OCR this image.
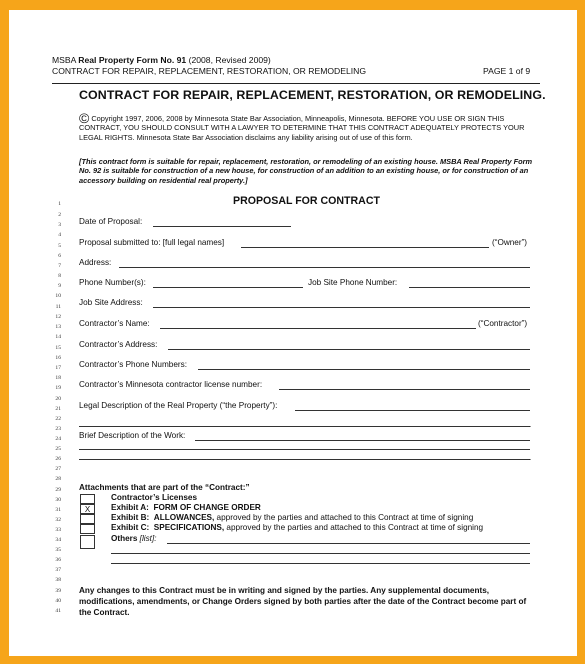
MSBA Real Property Form No. 91 (2008, Revised 2009)
CONTRACT FOR REPAIR, REPLACEMENT, RESTORATION, OR REMODELING	PAGE 1 of 9
CONTRACT FOR REPAIR, REPLACEMENT, RESTORATION, OR REMODELING.
© Copyright 1997, 2006, 2008 by Minnesota State Bar Association, Minneapolis, Minnesota. BEFORE YOU USE OR SIGN THIS CONTRACT, YOU SHOULD CONSULT WITH A LAWYER TO DETERMINE THAT THIS CONTRACT ADEQUATELY PROTECTS YOUR LEGAL RIGHTS. Minnesota State Bar Association disclaims any liability arising out of use of this form.
[This contract form is suitable for repair, replacement, restoration, or remodeling of an existing house. MSBA Real Property Form No. 92 is suitable for construction of a new house, for construction of an addition to an existing house, or for construction of an accessory building on residential real property.]
PROPOSAL FOR CONTRACT
1
2
3
4
5
6
7
8
9
10
11
12
13
14
15
16
17
18
19
20
21
22
23
24
25
26
27
28
29
30
31
32
33
34
35
36
37
38
39
40
41
Date of Proposal:
Proposal submitted to: [full legal names]	(“Owner”)
Address:
Phone Number(s):	Job Site Phone Number:
Job Site Address:
Contractor’s Name:	(“Contractor”)
Contractor’s Address:
Contractor’s Phone Numbers:
Contractor’s Minnesota contractor license number:
Legal Description of the Real Property (“the Property”):
.
Brief Description of the Work:
.
Attachments that are part of the “Contract:”
Contractor’s Licenses
X	Exhibit A: FORM OF CHANGE ORDER
Exhibit B: ALLOWANCES, approved by the parties and attached to this Contract at time of signing
Exhibit C: SPECIFICATIONS, approved by the parties and attached to this Contract at time of signing
Others [list]:
Any changes to this Contract must be in writing and signed by the parties. Any supplemental documents, modifications, amendments, or Change Orders signed by both parties after the date of the Contract become part of the Contract.
